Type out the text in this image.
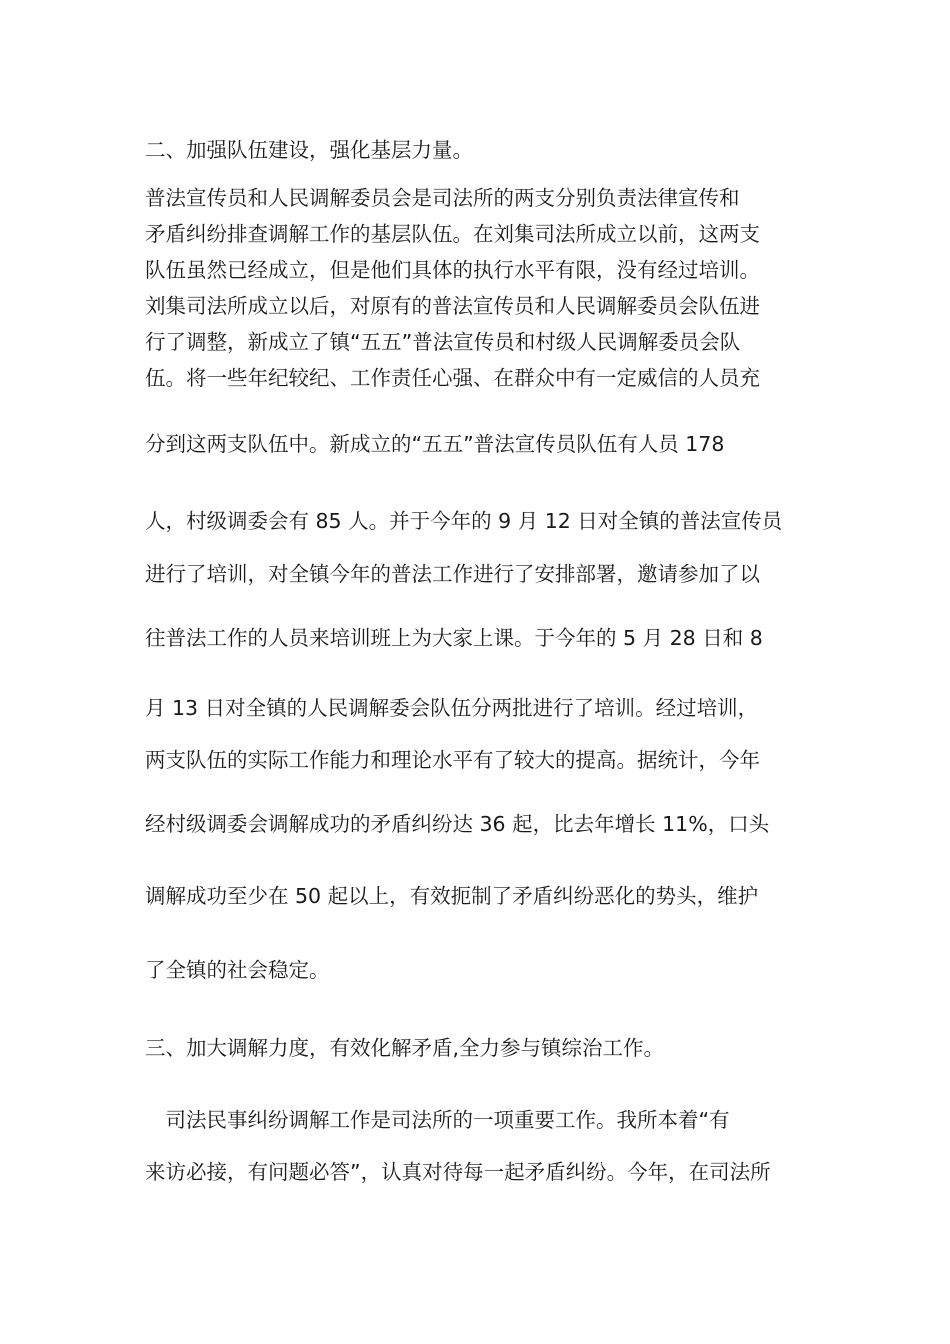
二、加强队伍建设，强化基层力量。
普法宣传员和人民调解委员会是司法所的两支分别负责法律宣传和
矛盾纠纷排查调解工作的基层队伍。在刘集司法所成立以前，这两支
队伍虽然已经成立，但是他们具体的执行水平有限，没有经过培训。
刘集司法所成立以后，对原有的普法宣传员和人民调解委员会队伍进
行了调整，新成立了镇“五五”普法宣传员和村级人民调解委员会队
伍。将一些年纪较纪、工作责任心强、在群众中有一定威信的人员充
分到这两支队伍中。新成立的“五五”普法宣传员队伍有人员 178
人，村级调委会有 85 人。并于今年的 9 月 12 日对全镇的普法宣传员
进行了培训，对全镇今年的普法工作进行了安排部署，邀请参加了以
往普法工作的人员来培训班上为大家上课。于今年的 5 月 28 日和 8
月 13 日对全镇的人民调解委会队伍分两批进行了培训。经过培训，
两支队伍的实际工作能力和理论水平有了较大的提高。据统计，今年
经村级调委会调解成功的矛盾纠纷达 36 起，比去年增长 11%，口头
调解成功至少在 50 起以上，有效扼制了矛盾纠纷恶化的势头，维护
了全镇的社会稳定。
三、加大调解力度，有效化解矛盾,全力参与镇综治工作。
　司法民事纠纷调解工作是司法所的一项重要工作。我所本着“有
来访必接，有问题必答”，认真对待每一起矛盾纠纷。今年，在司法所
